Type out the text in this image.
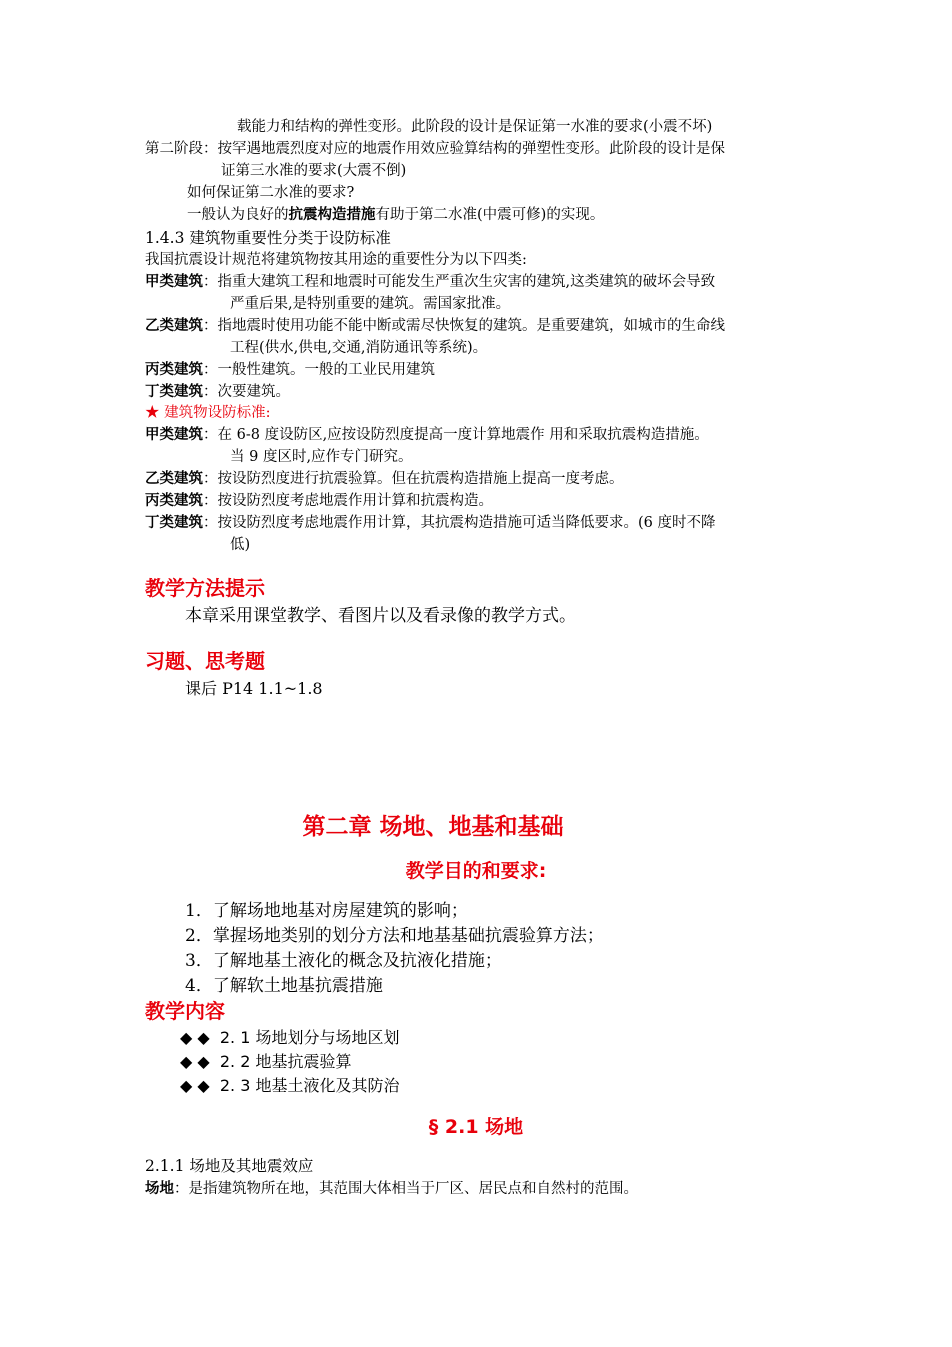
载能力和结构的弹性变形。此阶段的设计是保证第一水准的要求(小震不坏)
第二阶段：按罕遇地震烈度对应的地震作用效应验算结构的弹塑性变形。此阶段的设计是保
证第三水准的要求(大震不倒)
如何保证第二水准的要求?
一般认为良好的抗震构造措施有助于第二水准(中震可修)的实现。
1.4.3 建筑物重要性分类于设防标准
我国抗震设计规范将建筑物按其用途的重要性分为以下四类:
甲类建筑：指重大建筑工程和地震时可能发生严重次生灾害的建筑,这类建筑的破坏会导致
严重后果,是特别重要的建筑。需国家批准。
乙类建筑：指地震时使用功能不能中断或需尽快恢复的建筑。是重要建筑，如城市的生命线
工程(供水,供电,交通,消防通讯等系统)。
丙类建筑：一般性建筑。一般的工业民用建筑
丁类建筑：次要建筑。
★ 建筑物设防标准:
甲类建筑：在 6-8 度设防区,应按设防烈度提高一度计算地震作 用和采取抗震构造措施。
当 9 度区时,应作专门研究。
乙类建筑：按设防烈度进行抗震验算。但在抗震构造措施上提高一度考虑。
丙类建筑：按设防烈度考虑地震作用计算和抗震构造。
丁类建筑：按设防烈度考虑地震作用计算，其抗震构造措施可适当降低要求。(6 度时不降
低)
教学方法提示
本章采用课堂教学、看图片以及看录像的教学方式。
习题、思考题
课后 P14 1.1~1.8
第二章 场地、地基和基础
教学目的和要求:
1．了解场地地基对房屋建筑的影响；
2．掌握场地类别的划分方法和地基基础抗震验算方法；
3．了解地基土液化的概念及抗液化措施；
4．了解软土地基抗震措施
教学内容
◆ ◆ 2. 1 场地划分与场地区划
◆ ◆ 2. 2 地基抗震验算
◆ ◆ 2. 3 地基土液化及其防治
§ 2.1 场地
2.1.1 场地及其地震效应
场地：是指建筑物所在地，其范围大体相当于厂区、居民点和自然村的范围。
